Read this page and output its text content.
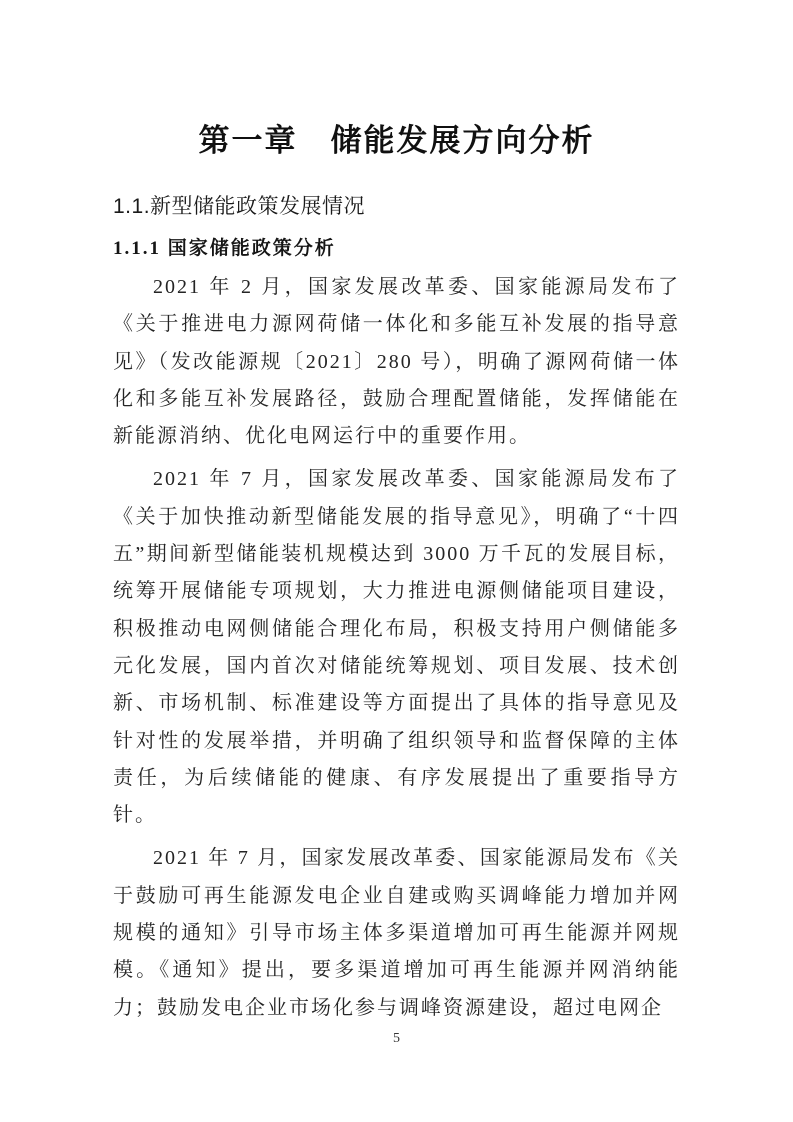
第一章　储能发展方向分析
1.1.新型储能政策发展情况
1.1.1 国家储能政策分析

2021 年 2 月，国家发展改革委、国家能源局发布了《关于推进电力源网荷储一体化和多能互补发展的指导意见》（发改能源规〔2021〕280 号），明确了源网荷储一体化和多能互补发展路径，鼓励合理配置储能，发挥储能在新能源消纳、优化电网运行中的重要作用。

2021 年 7 月，国家发展改革委、国家能源局发布了《关于加快推动新型储能发展的指导意见》，明确了“十四五”期间新型储能装机规模达到 3000 万千瓦的发展目标，统筹开展储能专项规划，大力推进电源侧储能项目建设，积极推动电网侧储能合理化布局，积极支持用户侧储能多元化发展，国内首次对储能统筹规划、项目发展、技术创新、市场机制、标准建设等方面提出了具体的指导意见及针对性的发展举措，并明确了组织领导和监督保障的主体责任，为后续储能的健康、有序发展提出了重要指导方针。

2021 年 7 月，国家发展改革委、国家能源局发布《关于鼓励可再生能源发电企业自建或购买调峰能力增加并网规模的通知》引导市场主体多渠道增加可再生能源并网规模。《通知》提出，要多渠道增加可再生能源并网消纳能力；鼓励发电企业市场化参与调峰资源建设，超过电网企

5
